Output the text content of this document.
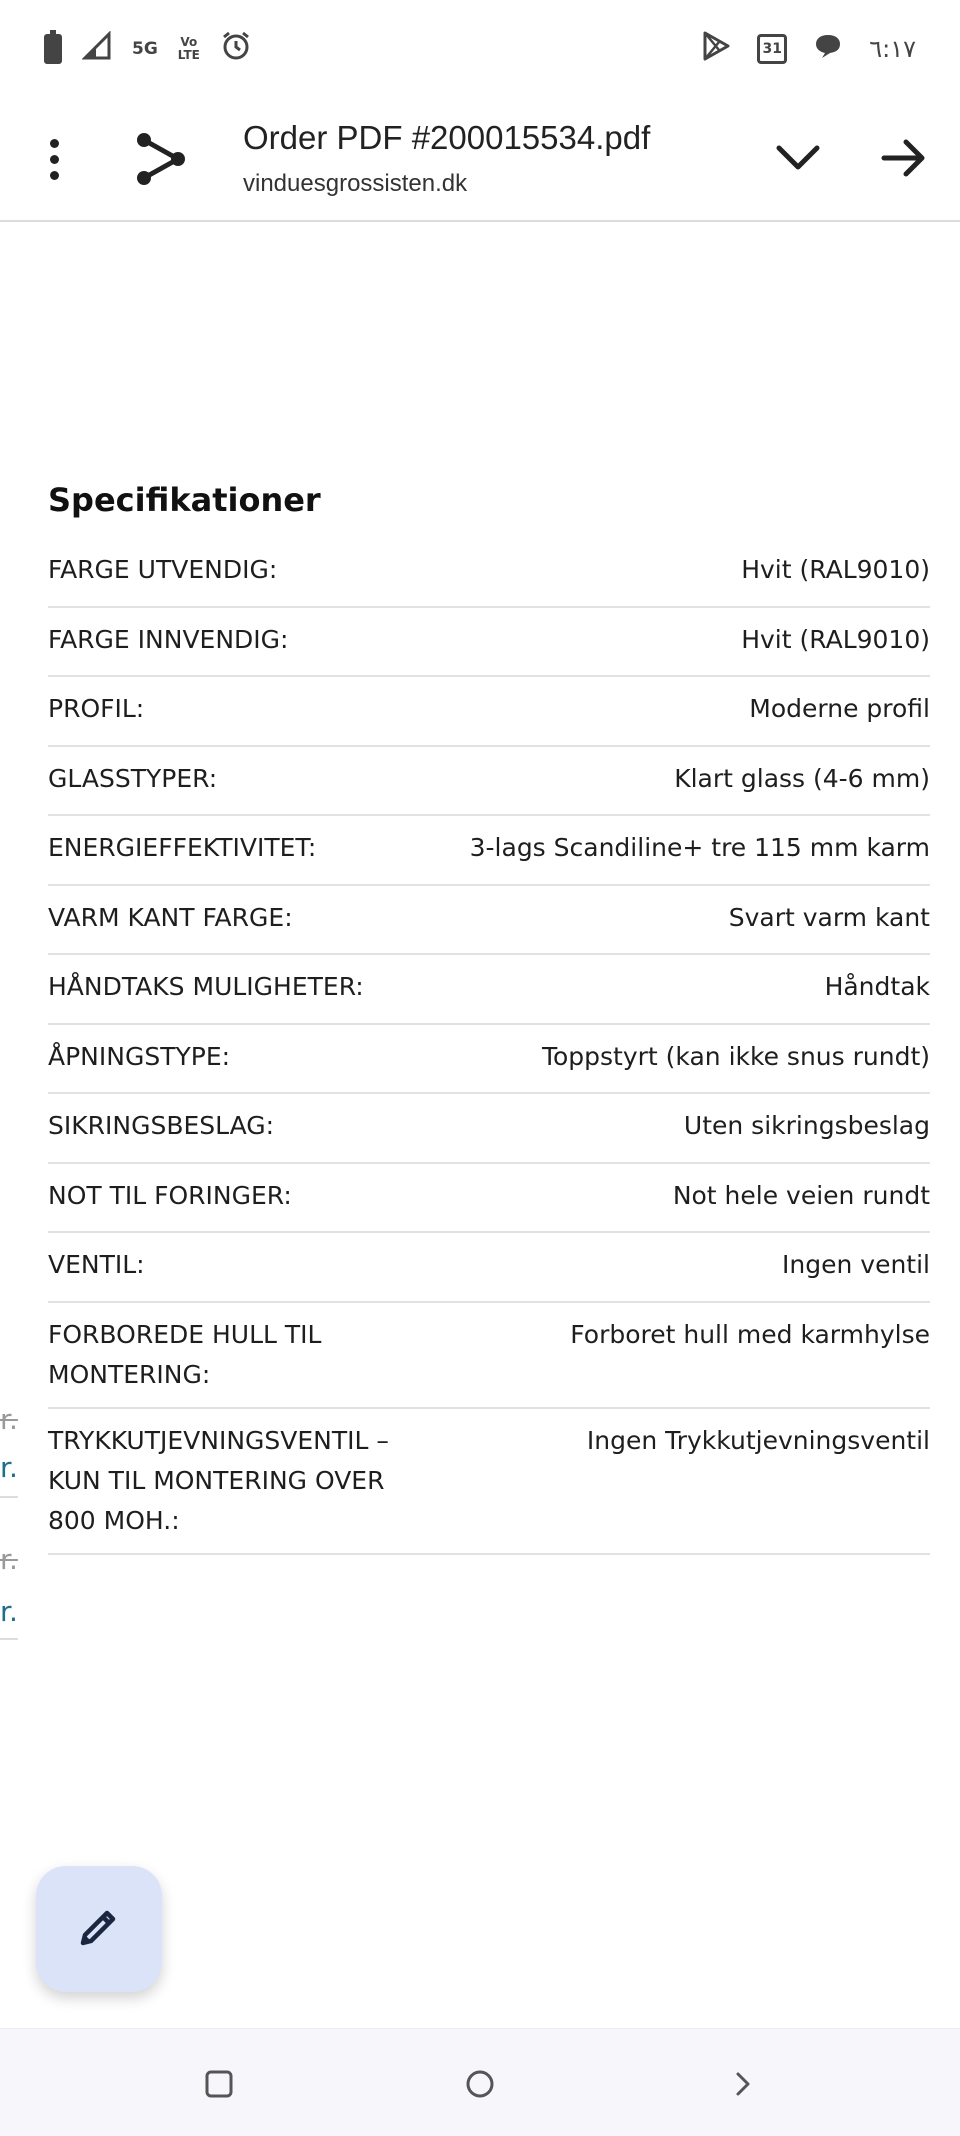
5G Vo
LTE	31	٦:١٧
Order PDF #200015534.pdf
vinduesgrossisten.dk
r.
r.
r.
r.
Specifikationer
FARGE UTVENDIG:	Hvit (RAL9010)
FARGE INNVENDIG:	Hvit (RAL9010)
PROFIL:	Moderne profil
GLASSTYPER:	Klart glass (4-6 mm)
ENERGIEFFEKTIVITET:	3-lags Scandiline+ tre 115 mm karm
VARM KANT FARGE:	Svart varm kant
HÅNDTAKS MULIGHETER:	Håndtak
ÅPNINGSTYPE:	Toppstyrt (kan ikke snus rundt)
SIKRINGSBESLAG:	Uten sikringsbeslag
NOT TIL FORINGER:	Not hele veien rundt
VENTIL:	Ingen ventil
FORBOREDE HULL TIL MONTERING:
Forboret hull med karmhylse
TRYKKUTJEVNINGSVENTIL – KUN TIL MONTERING OVER 800 MOH.:
Ingen Trykkutjevningsventil
